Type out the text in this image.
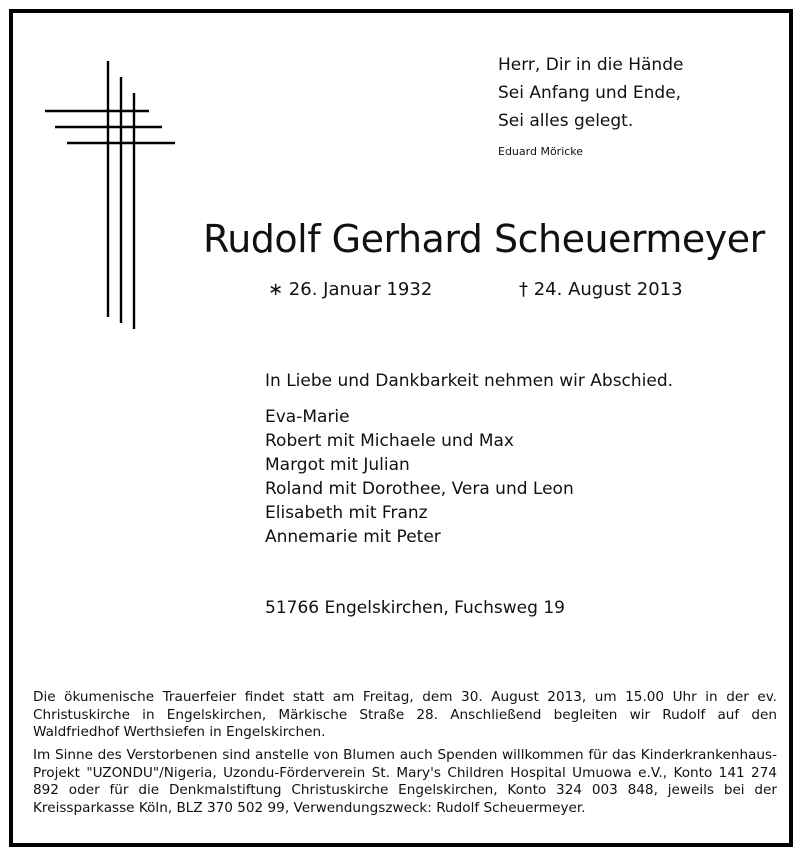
Herr, Dir in die Hände
Sei Anfang und Ende,
Sei alles gelegt.
Eduard Möricke
Rudolf Gerhard Scheuermeyer
∗ 26. Januar 1932	† 24. August 2013
In Liebe und Dankbarkeit nehmen wir Abschied.
Eva-Marie
Robert mit Michaele und Max
Margot mit Julian
Roland mit Dorothee, Vera und Leon
Elisabeth mit Franz
Annemarie mit Peter
51766 Engelskirchen, Fuchsweg 19

Die ökumenische Trauerfeier findet statt am Freitag, dem 30. August 2013, um 15.00 Uhr in der ev. Christuskirche in Engelskirchen, Märkische Straße 28. Anschließend begleiten wir Rudolf auf den Waldfriedhof Werthsiefen in Engelskirchen.

Im Sinne des Verstorbenen sind anstelle von Blumen auch Spenden willkommen für das Kinderkrankenhaus-Projekt "UZONDU"/Nigeria, Uzondu-Förderverein St. Mary's Children Hospital Umuowa e.V., Konto 141 274 892 oder für die Denkmalstiftung Christuskirche Engelskirchen, Konto 324 003 848, jeweils bei der Kreissparkasse Köln, BLZ 370 502 99, Verwendungszweck: Rudolf Scheuermeyer.
